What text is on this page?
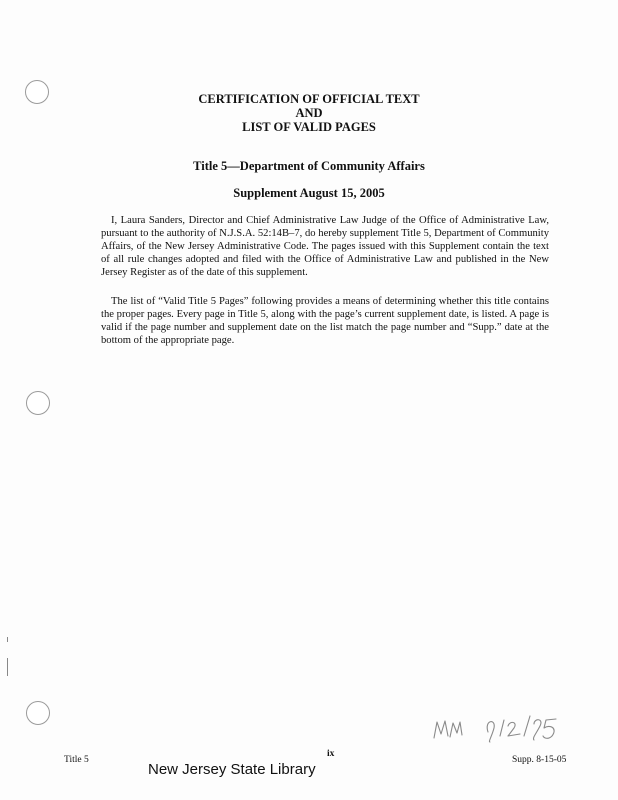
CERTIFICATION OF OFFICIAL TEXT
AND
LIST OF VALID PAGES
Title 5—Department of Community Affairs
Supplement August 15, 2005
I, Laura Sanders, Director and Chief Administrative Law Judge of the Office of Administrative Law, pursuant to the authority of N.J.S.A. 52:14B–7, do hereby supplement Title 5, Department of Community Affairs, of the New Jersey Administrative Code. The pages issued with this Supplement contain the text of all rule changes adopted and filed with the Office of Administrative Law and published in the New Jersey Register as of the date of this supplement.
The list of “Valid Title 5 Pages” following provides a means of determining whether this title contains the proper pages. Every page in Title 5, along with the page’s current supplement date, is listed. A page is valid if the page number and supplement date on the list match the page number and “Supp.” date at the bottom of the appropriate page.
Title 5
New Jersey State Library
ix
Supp. 8-15-05
